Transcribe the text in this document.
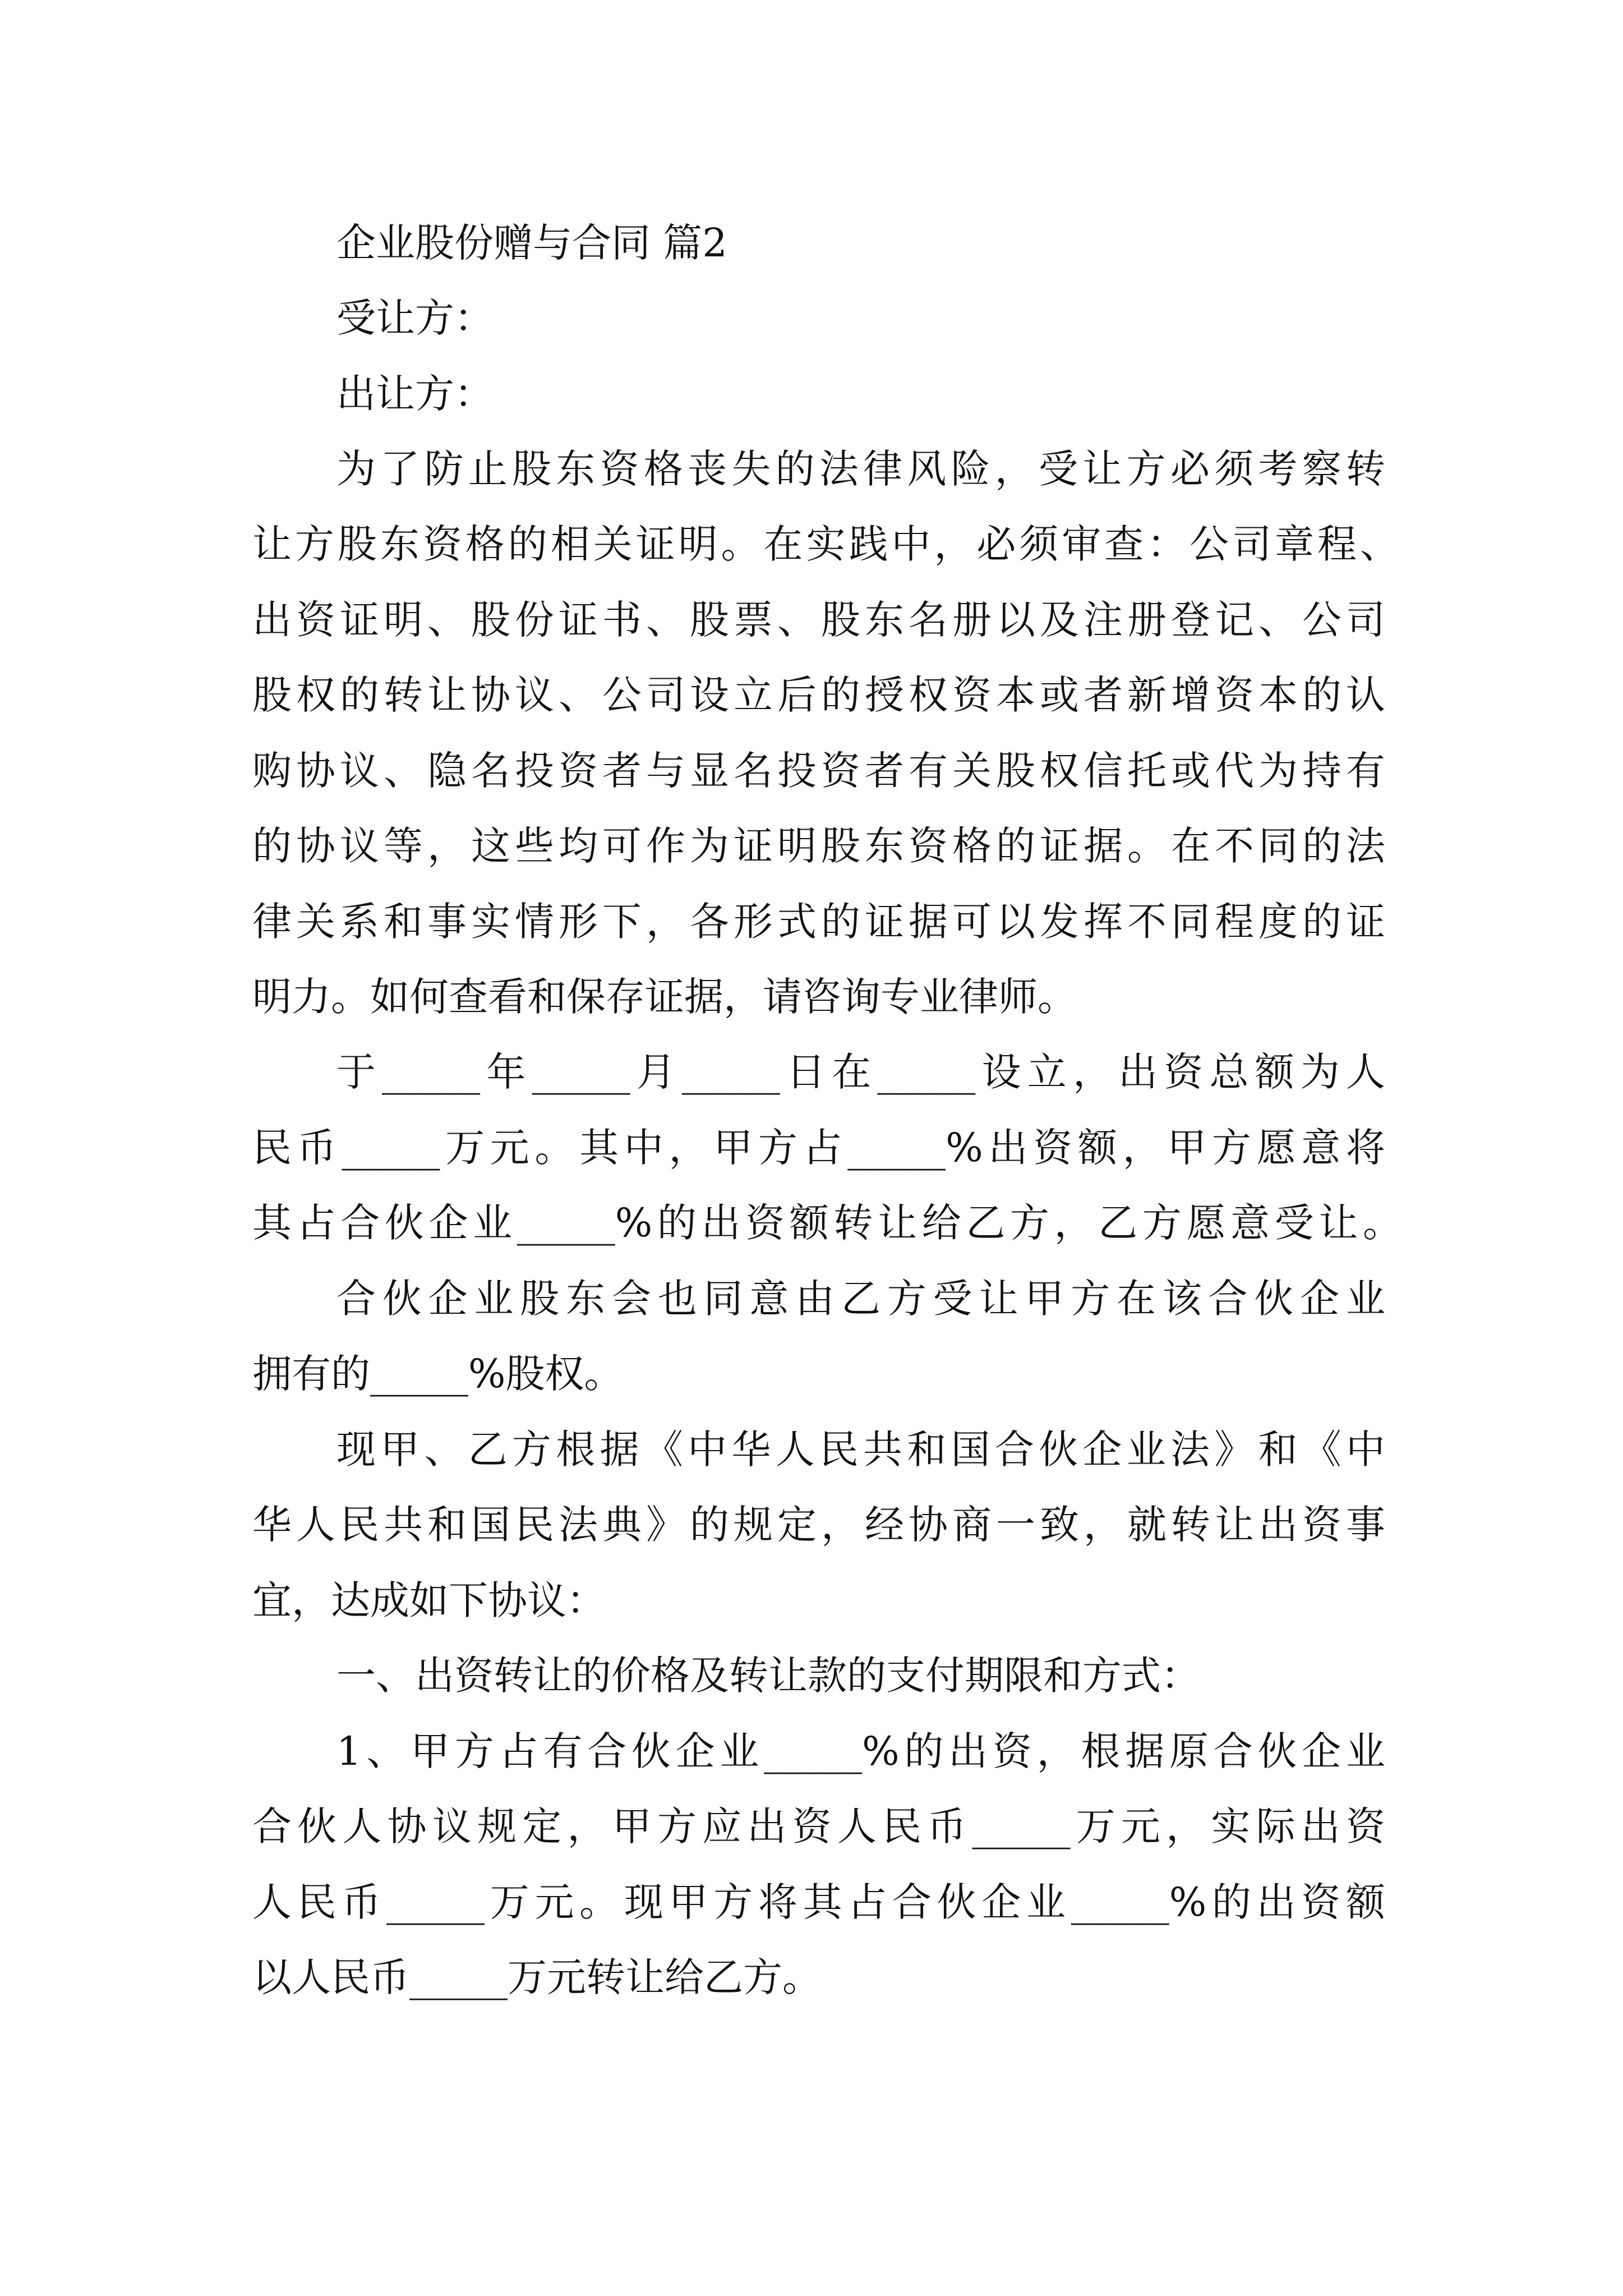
企业股份赠与合同 篇2

受让方：

出让方：

为了防止股东资格丧失的法律风险，受让方必须考察转

让方股东资格的相关证明。在实践中，必须审查：公司章程、

出资证明、股份证书、股票、股东名册以及注册登记、公司

股权的转让协议、公司设立后的授权资本或者新增资本的认

购协议、隐名投资者与显名投资者有关股权信托或代为持有

的协议等，这些均可作为证明股东资格的证据。在不同的法

律关系和事实情形下，各形式的证据可以发挥不同程度的证

明力。如何查看和保存证据，请咨询专业律师。

于_____年_____月_____日在_____设立，出资总额为人

民币_____万元。其中，甲方占_____%出资额，甲方愿意将

其占合伙企业_____%的出资额转让给乙方，乙方愿意受让。

合伙企业股东会也同意由乙方受让甲方在该合伙企业

拥有的_____%股权。

现甲、乙方根据《中华人民共和国合伙企业法》和《中

华人民共和国民法典》的规定，经协商一致，就转让出资事

宜，达成如下协议：

一、出资转让的价格及转让款的支付期限和方式：

1、甲方占有合伙企业_____%的出资，根据原合伙企业

合伙人协议规定，甲方应出资人民币_____万元，实际出资

人民币_____万元。现甲方将其占合伙企业_____%的出资额

以人民币_____万元转让给乙方。
